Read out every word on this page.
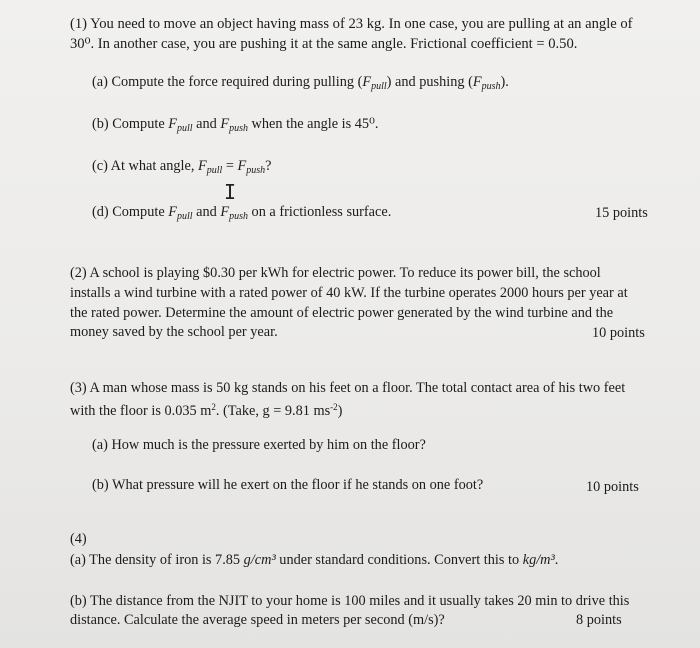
(1) You need to move an object having mass of 23 kg. In one case, you are pulling at an angle of
30⁰. In another case, you are pushing it at the same angle. Frictional coefficient = 0.50.
(a) Compute the force required during pulling $(F_{pull})$ and pushing $(F_{push})$.
(b) Compute $F_{pull}$ and $F_{push}$ when the angle is 45⁰.
(c) At what angle, $F_{pull} = F_{push}$?
I
(d) Compute $F_{pull}$ and $F_{push}$ on a frictionless surface.	15 points
(2) A school is playing $0.30 per kWh for electric power. To reduce its power bill, the school
installs a wind turbine with a rated power of 40 kW. If the turbine operates 2000 hours per year at
the rated power. Determine the amount of electric power generated by the wind turbine and the
money saved by the school per year.	10 points
(3) A man whose mass is 50 kg stands on his feet on a floor. The total contact area of his two feet
with the floor is 0.035 $m^2$. (Take, g = 9.81 $ms^{-2}$)
(a) How much is the pressure exerted by him on the floor?
(b) What pressure will he exert on the floor if he stands on one foot?	10 points
(4)
(a) The density of iron is 7.85 g/cm³ under standard conditions. Convert this to kg/m³.
(b) The distance from the NJIT to your home is 100 miles and it usually takes 20 min to drive this
distance. Calculate the average speed in meters per second (m/s)?	8 points
